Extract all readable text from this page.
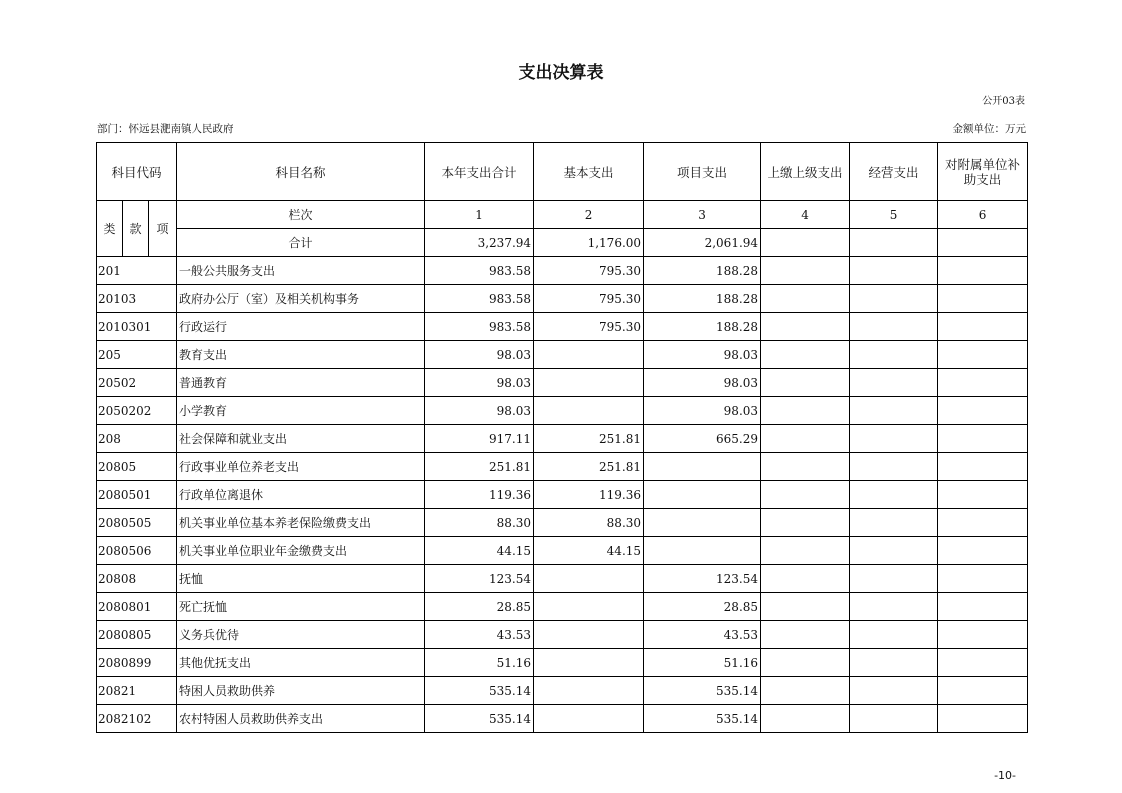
支出决算表
公开03表
部门：怀远县淝南镇人民政府	金额单位：万元
科目代码			科目名称	本年支出合计	基本支出	项目支出	上缴上级支出	经营支出	对附属单位补助支出
类	款	项	栏次	1	2	3	4	5	6
			合计	3,237.94	1,176.00	2,061.94			
201			一般公共服务支出	983.58	795.30	188.28			
20103			政府办公厅（室）及相关机构事务	983.58	795.30	188.28			
2010301			行政运行	983.58	795.30	188.28			
205			教育支出	98.03		98.03			
20502			普通教育	98.03		98.03			
2050202			小学教育	98.03		98.03			
208			社会保障和就业支出	917.11	251.81	665.29			
20805			行政事业单位养老支出	251.81	251.81				
2080501			行政单位离退休	119.36	119.36				
2080505			机关事业单位基本养老保险缴费支出	88.30	88.30				
2080506			机关事业单位职业年金缴费支出	44.15	44.15				
20808			抚恤	123.54		123.54			
2080801			死亡抚恤	28.85		28.85			
2080805			义务兵优待	43.53		43.53			
2080899			其他优抚支出	51.16		51.16			
20821			特困人员救助供养	535.14		535.14			
2082102			农村特困人员救助供养支出	535.14		535.14			
-10-
